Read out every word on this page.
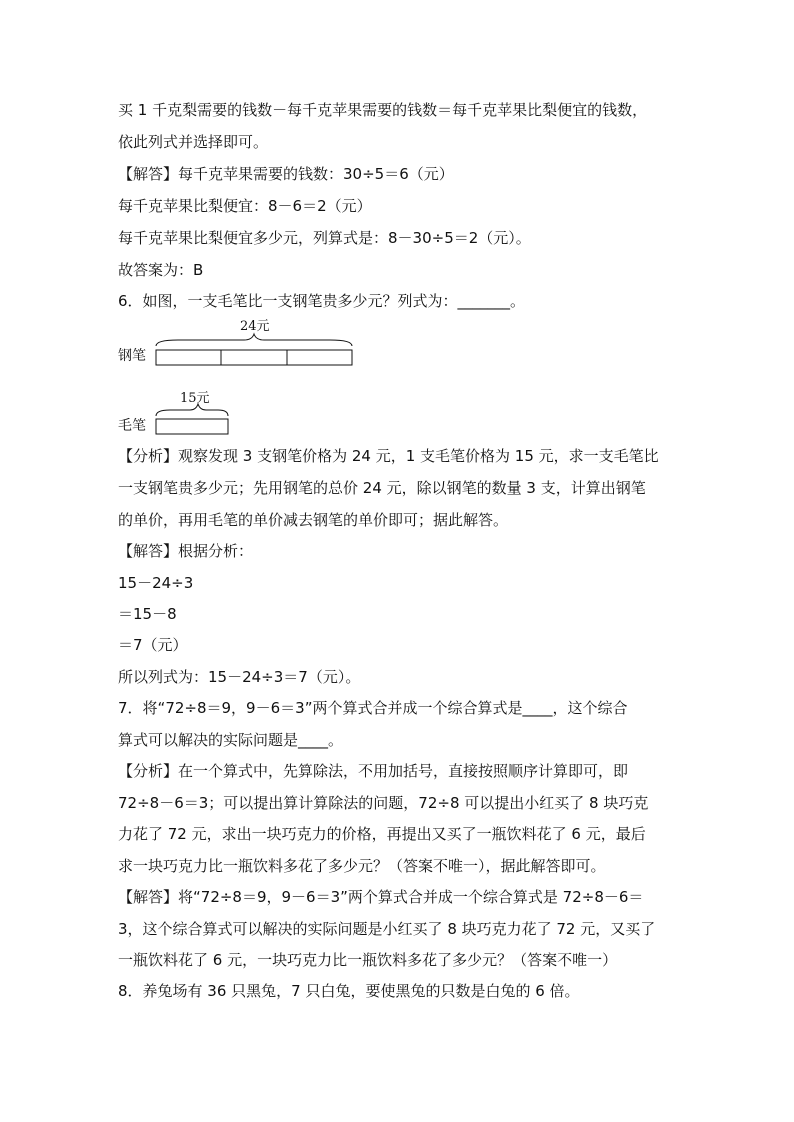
买 1 千克梨需要的钱数－每千克苹果需要的钱数＝每千克苹果比梨便宜的钱数，
依此列式并选择即可。
【解答】每千克苹果需要的钱数：30÷5＝6（元）
每千克苹果比梨便宜：8－6＝2（元）
每千克苹果比梨便宜多少元，列算式是：8－30÷5＝2（元）。
故答案为：B
6．如图，一支毛笔比一支钢笔贵多少元？列式为：_______。
24元
钢笔
15元
毛笔
【分析】观察发现 3 支钢笔价格为 24 元，1 支毛笔价格为 15 元，求一支毛笔比
一支钢笔贵多少元；先用钢笔的总价 24 元，除以钢笔的数量 3 支，计算出钢笔
的单价，再用毛笔的单价减去钢笔的单价即可；据此解答。
【解答】根据分析：
15－24÷3
＝15－8
＝7（元）
所以列式为：15－24÷3＝7（元）。
7．将“72÷8＝9，9－6＝3”两个算式合并成一个综合算式是____，这个综合
算式可以解决的实际问题是____。
【分析】在一个算式中，先算除法，不用加括号，直接按照顺序计算即可，即
72÷8－6＝3；可以提出算计算除法的问题，72÷8 可以提出小红买了 8 块巧克
力花了 72 元，求出一块巧克力的价格，再提出又买了一瓶饮料花了 6 元，最后
求一块巧克力比一瓶饮料多花了多少元？（答案不唯一），据此解答即可。
【解答】将“72÷8＝9，9－6＝3”两个算式合并成一个综合算式是 72÷8－6＝
3，这个综合算式可以解决的实际问题是小红买了 8 块巧克力花了 72 元，又买了
一瓶饮料花了 6 元，一块巧克力比一瓶饮料多花了多少元？（答案不唯一）
8．养兔场有 36 只黑兔，7 只白兔，要使黑兔的只数是白兔的 6 倍。
